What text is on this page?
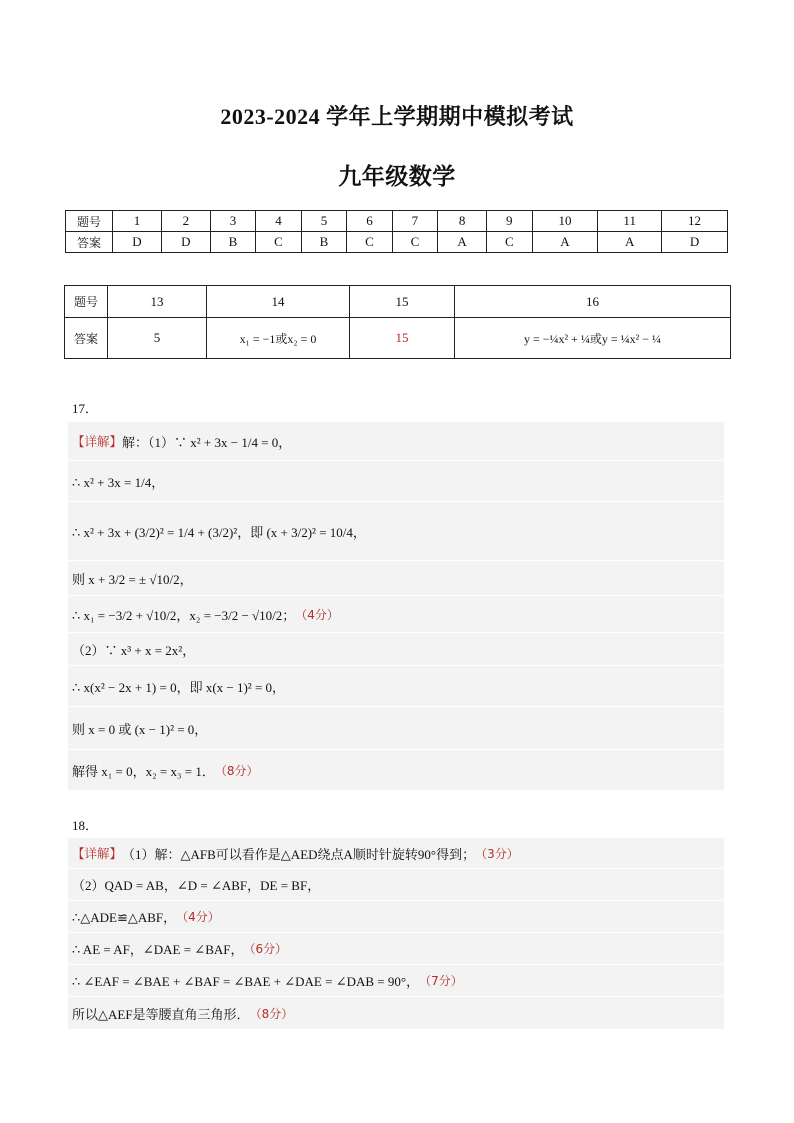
2023-2024 学年上学期期中模拟考试
九年级数学
题号	1	2	3	4	5	6	7	8	9	10	11	12
答案	D	D	B	C	B	C	C	A	C	A	A	D
题号	13	14	15	16
答案	5	x₁ = −1或x₂ = 0	15	y = −¼x² + ¼或y = ¼x² − ¼
17．
【详解】 解：（1）∵ x² + 3x − 1/4 = 0，
∴ x² + 3x = 1/4，
∴ x² + 3x + (3/2)² = 1/4 + (3/2)²，即 (x + 3/2)² = 10/4，
则 x + 3/2 = ± √10/2，
∴ x₁ = −3/2 + √10/2，x₂ = −3/2 − √10/2； （4分）
（2）∵ x³ + x = 2x²，
∴ x(x² − 2x + 1) = 0，即 x(x − 1)² = 0，
则 x = 0 或 (x − 1)² = 0，
解得 x₁ = 0，x₂ = x₃ = 1． （8分）
18．
【详解】 （1）解：△AFB可以看作是△AED绕点A顺时针旋转90°得到； （3分）
（2）QAD = AB，∠D = ∠ABF，DE = BF，
∴△ADE≌△ABF， （4分）
∴ AE = AF，∠DAE = ∠BAF， （6分）
∴ ∠EAF = ∠BAE + ∠BAF = ∠BAE + ∠DAE = ∠DAB = 90°， （7分）
所以△AEF是等腰直角三角形． （8分）
